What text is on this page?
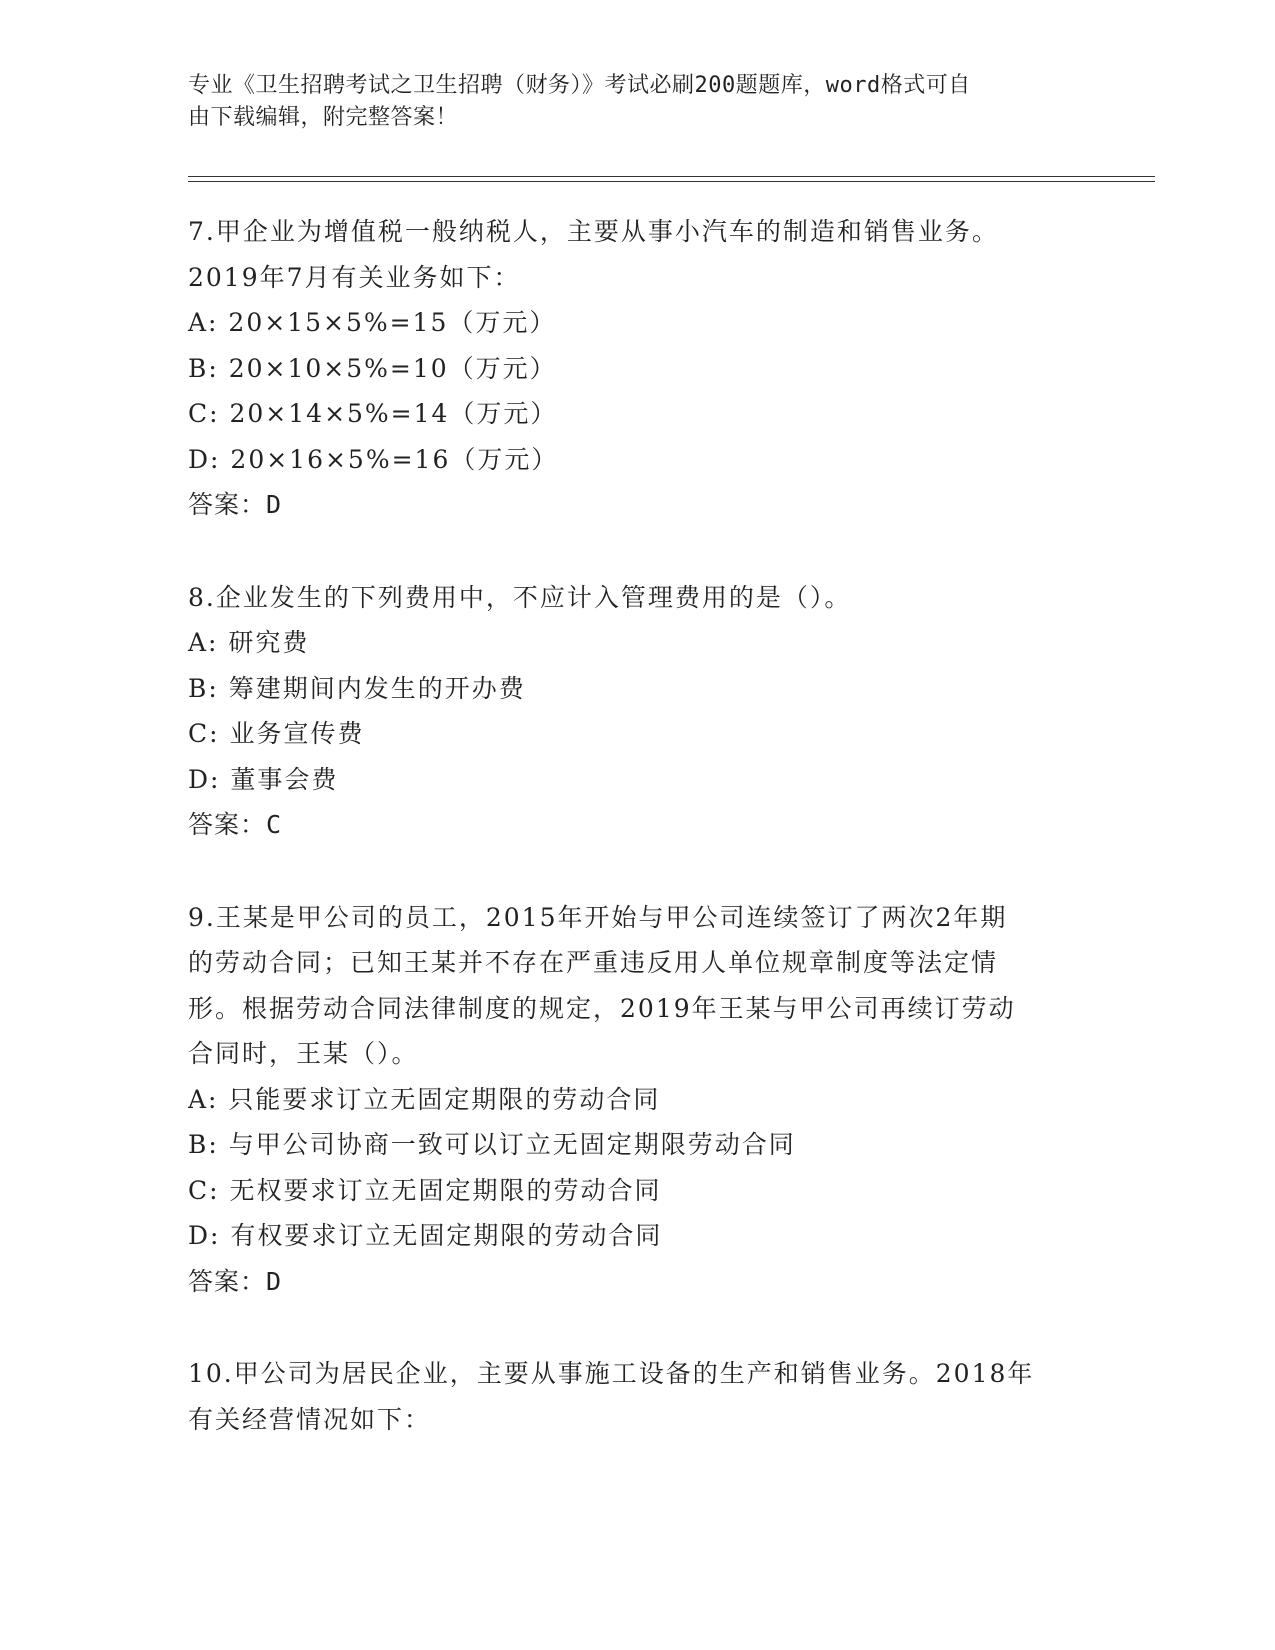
专业《卫生招聘考试之卫生招聘（财务）》考试必刷200题题库，word格式可自
由下载编辑，附完整答案！
7.甲企业为增值税一般纳税人，主要从事小汽车的制造和销售业务。
2019年7月有关业务如下：
A: 20×15×5%=15（万元）
B: 20×10×5%=10（万元）
C: 20×14×5%=14（万元）
D: 20×16×5%=16（万元）
答案：D
8.企业发生的下列费用中，不应计入管理费用的是（）。
A: 研究费
B: 筹建期间内发生的开办费
C: 业务宣传费
D: 董事会费
答案：C
9.王某是甲公司的员工，2015年开始与甲公司连续签订了两次2年期
的劳动合同；已知王某并不存在严重违反用人单位规章制度等法定情
形。根据劳动合同法律制度的规定，2019年王某与甲公司再续订劳动
合同时，王某（）。
A: 只能要求订立无固定期限的劳动合同
B: 与甲公司协商一致可以订立无固定期限劳动合同
C: 无权要求订立无固定期限的劳动合同
D: 有权要求订立无固定期限的劳动合同
答案：D
10.甲公司为居民企业，主要从事施工设备的生产和销售业务。2018年
有关经营情况如下：
